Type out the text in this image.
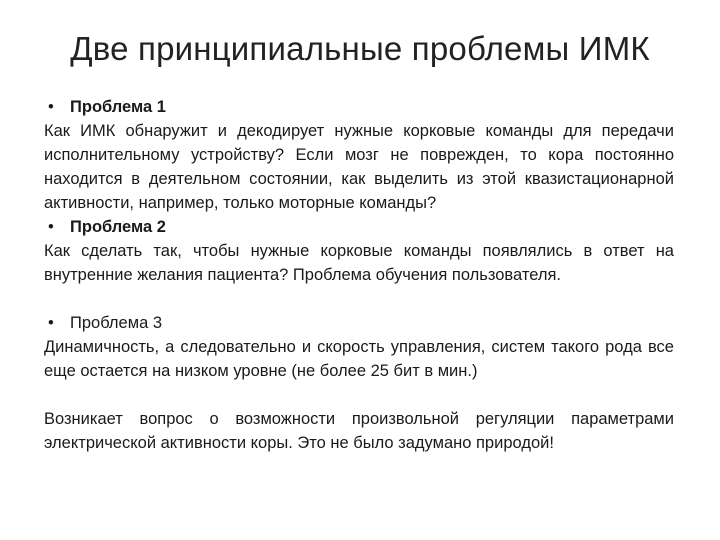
Две принципиальные проблемы ИМК
• Проблема 1
Как ИМК обнаружит и декодирует нужные корковые команды для передачи исполнительному устройству? Если мозг не поврежден, то кора постоянно находится в деятельном состоянии, как выделить из этой квазистационарной активности, например, только моторные команды?
• Проблема 2
Как сделать так, чтобы нужные корковые команды появлялись в ответ на внутренние желания пациента? Проблема обучения пользователя.
• Проблема 3
Динамичность, а следовательно и скорость управления, систем такого рода все еще остается на низком уровне (не более 25 бит в мин.)
Возникает вопрос о возможности произвольной регуляции параметрами электрической активности коры. Это не было задумано природой!
